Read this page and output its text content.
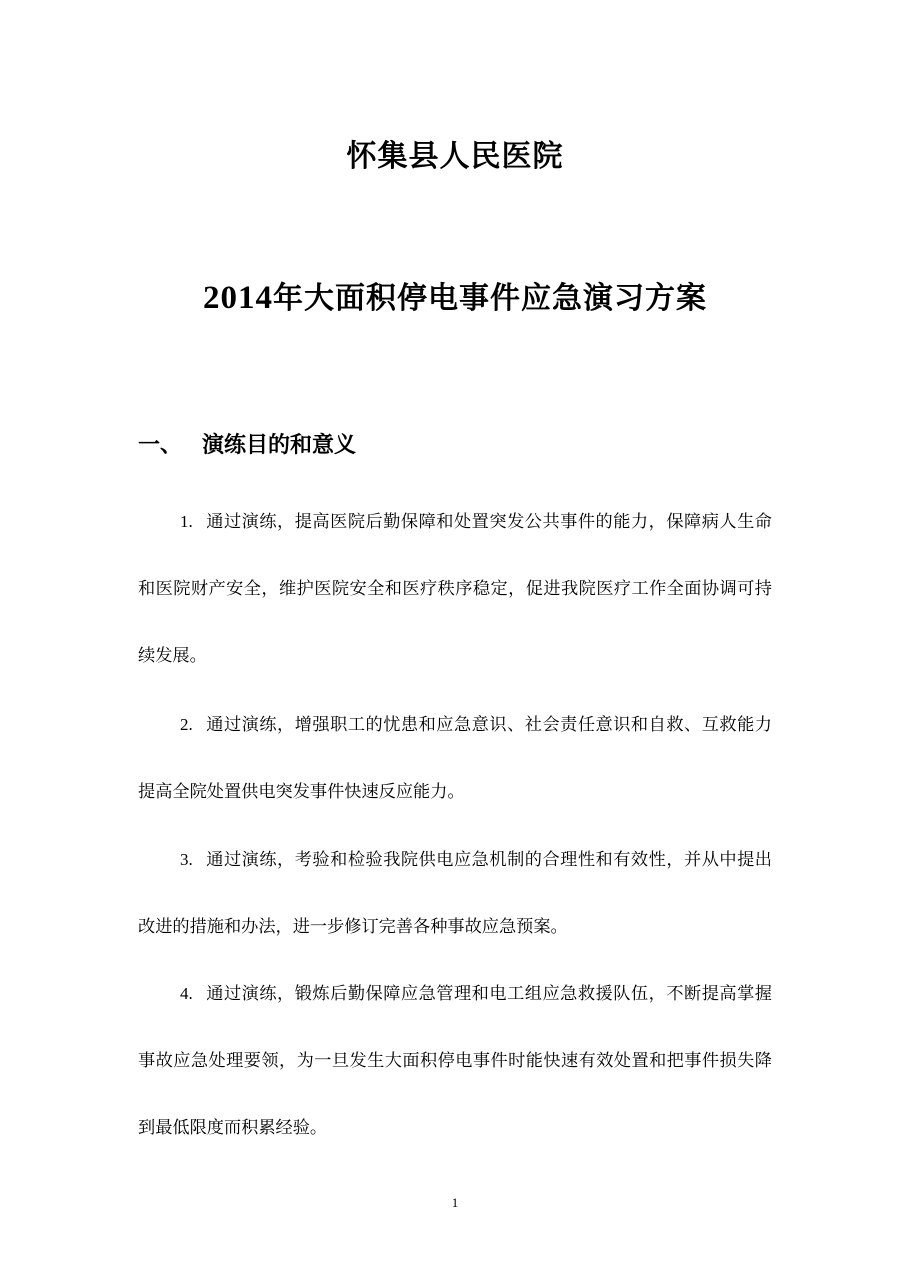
怀集县人民医院
2014年大面积停电事件应急演习方案
一、 演练目的和意义

1. 通过演练，提高医院后勤保障和处置突发公共事件的能力，保障病人生命和医院财产安全，维护医院安全和医疗秩序稳定，促进我院医疗工作全面协调可持续发展。

2. 通过演练，增强职工的忧患和应急意识、社会责任意识和自救、互救能力提高全院处置供电突发事件快速反应能力。

3. 通过演练，考验和检验我院供电应急机制的合理性和有效性，并从中提出改进的措施和办法，进一步修订完善各种事故应急预案。

4. 通过演练，锻炼后勤保障应急管理和电工组应急救援队伍，不断提高掌握事故应急处理要领，为一旦发生大面积停电事件时能快速有效处置和把事件损失降到最低限度而积累经验。

1
